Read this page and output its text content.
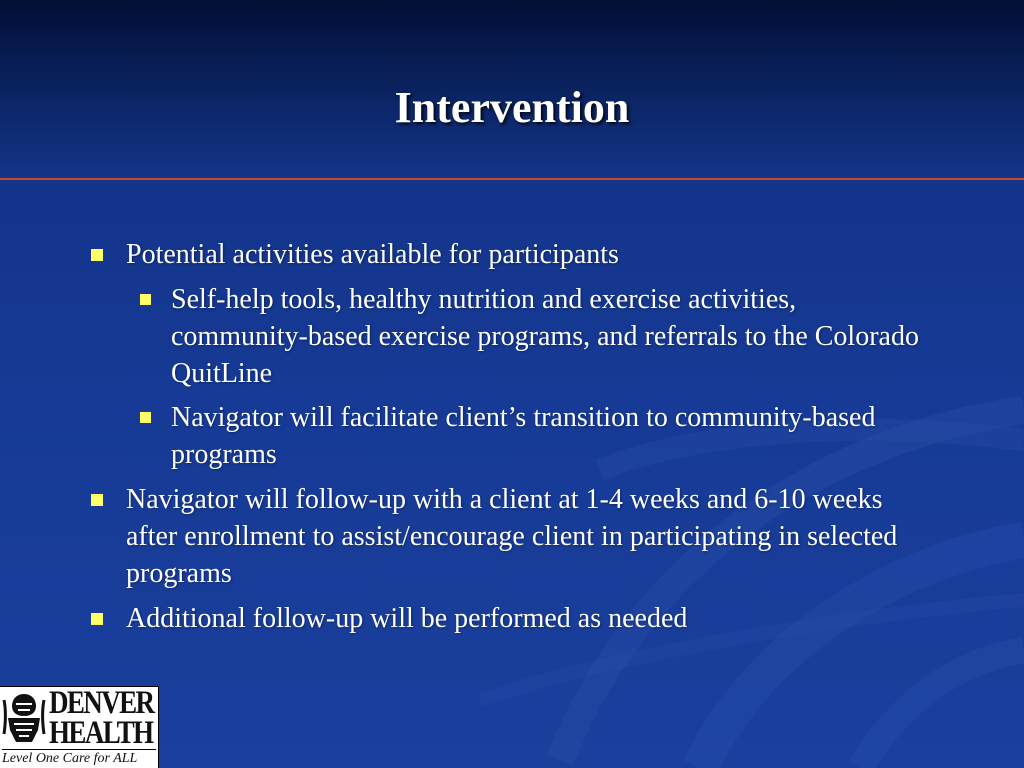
Intervention

Potential activities available for participants

Self-help tools, healthy nutrition and exercise activities, community-based exercise programs, and referrals to the Colorado QuitLine

Navigator will facilitate client’s transition to community-based programs

Navigator will follow-up with a client at 1-4 weeks and 6-10 weeks after enrollment to assist/encourage client in participating in selected programs

Additional follow-up will be performed as needed

DENVER
HEALTH
Level One Care for ALL
